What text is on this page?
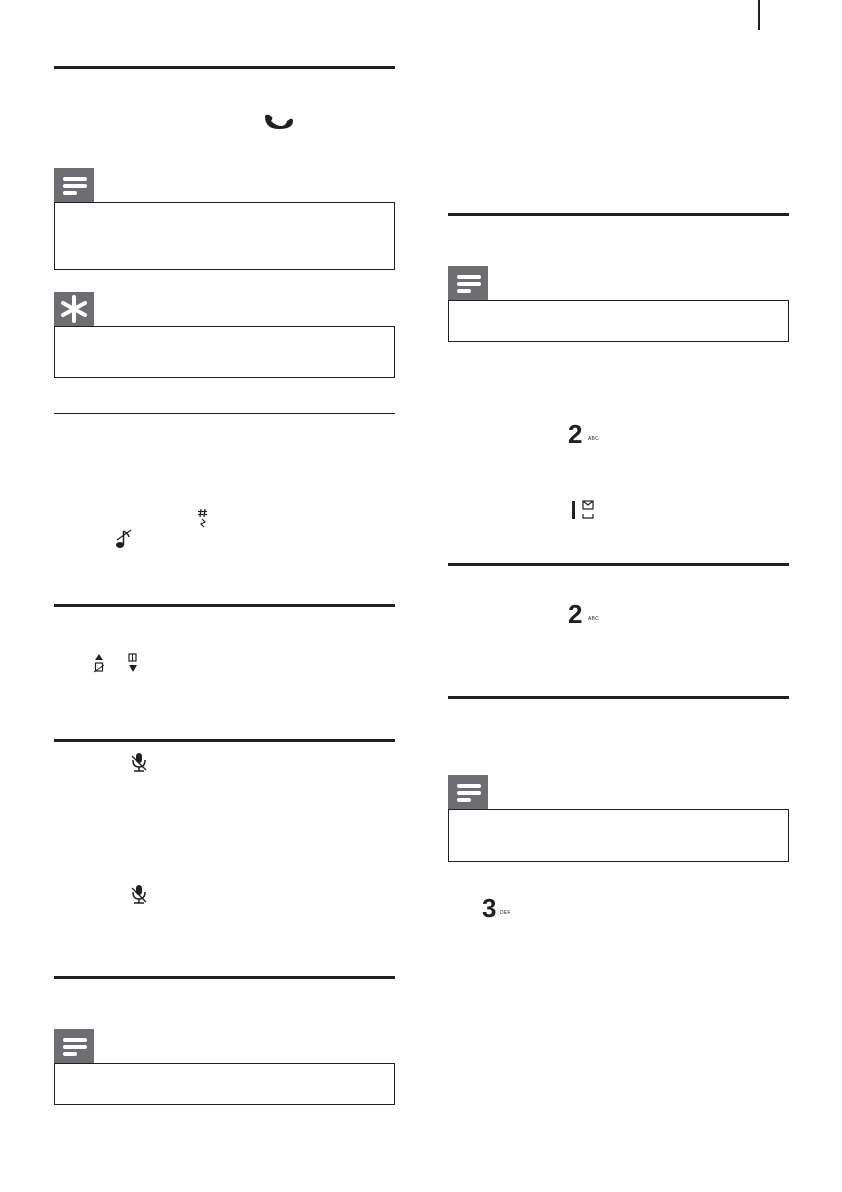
2 ABC
2 ABC
3 DEF
